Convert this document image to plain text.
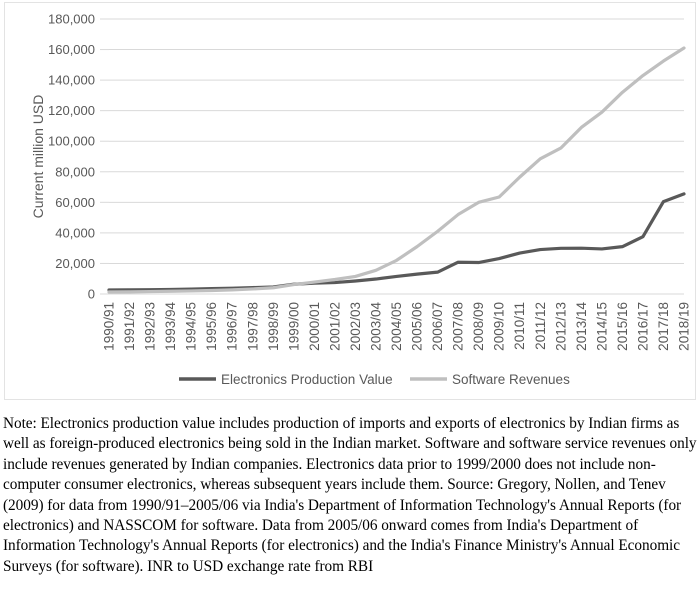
0
20,000
40,000
60,000
80,000
100,000
120,000
140,000
160,000
180,000
1990/91 1991/92 1992/93 1993/94 1994/95 1995/96 1996/97 1997/98 1998/99 1999/00 2000/01 2001/02 2002/03 2003/04 2004/05 2005/06 2006/07 2007/08 2008/09 2009/10 2010/11 2011/12 2012/13 2013/14 2014/15 2015/16 2016/17 2017/18 2018/19
Current million USD
Electronics Production Value	Software Revenues
Note: Electronics production value includes production of imports and exports of electronics by Indian firms as well as foreign-produced electronics being sold in the Indian market. Software and software service revenues only include revenues generated by Indian companies. Electronics data prior to 1999/2000 does not include non-computer consumer electronics, whereas subsequent years include them. Source: Gregory, Nollen, and Tenev (2009) for data from 1990/91–2005/06 via India's Department of Information Technology's Annual Reports (for electronics) and NASSCOM for software. Data from 2005/06 onward comes from India's Department of Information Technology's Annual Reports (for electronics) and the India's Finance Ministry's Annual Economic Surveys (for software). INR to USD exchange rate from RBI
